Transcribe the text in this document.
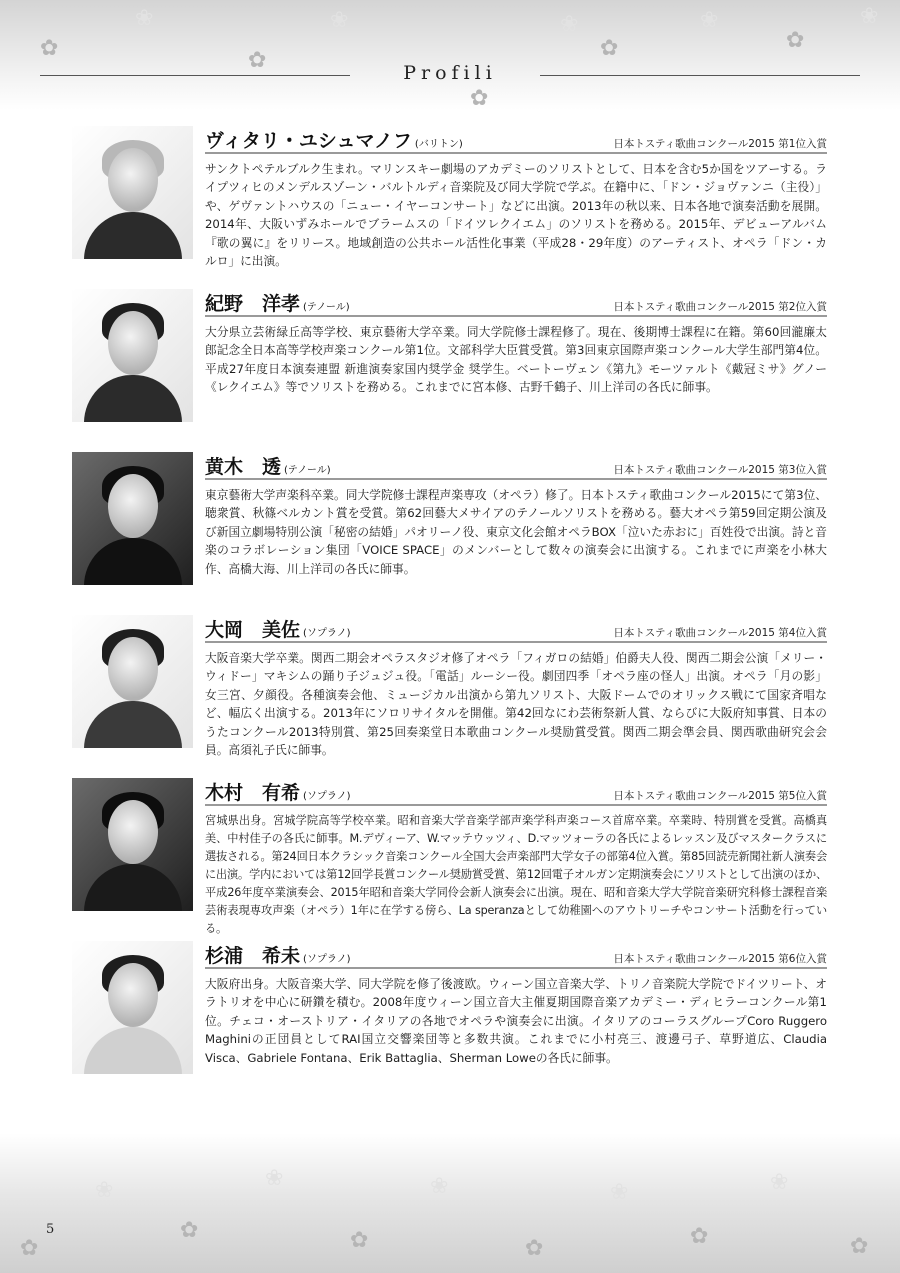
✿
❀
✿
❀
✿
❀
✿
❀
✿
❀
✿
❀
✿
❀
✿
❀
✿
❀
✿
❀
✿
Profili
ヴィタリ・ユシュマノフ (バリトン)	日本トスティ歌曲コンクール2015 第1位入賞
サンクトペテルブルク生まれ。マリンスキー劇場のアカデミーのソリストとして、日本を含む5か国をツアーする。ライプツィヒのメンデルスゾーン・バルトルディ音楽院及び同大学院で学ぶ。在籍中に、「ドン・ジョヴァンニ（主役）」や、ゲヴァントハウスの「ニュー・イヤーコンサート」などに出演。2013年の秋以来、日本各地で演奏活動を展開。2014年、大阪いずみホールでブラームスの「ドイツレクイエム」のソリストを務める。2015年、デビューアルバム『歌の翼に』をリリース。地域創造の公共ホール活性化事業（平成28・29年度）のアーティスト、オペラ「ドン・カルロ」に出演。
紀野　洋孝 (テノール)	日本トスティ歌曲コンクール2015 第2位入賞
大分県立芸術緑丘高等学校、東京藝術大学卒業。同大学院修士課程修了。現在、後期博士課程に在籍。第60回瀧廉太郎記念全日本高等学校声楽コンクール第1位。文部科学大臣賞受賞。第3回東京国際声楽コンクール大学生部門第4位。平成27年度日本演奏連盟 新進演奏家国内奨学金 奨学生。ベートーヴェン《第九》モーツァルト《戴冠ミサ》グノー《レクイエム》等でソリストを務める。これまでに宮本修、古野千鶴子、川上洋司の各氏に師事。
黄木　透 (テノール)	日本トスティ歌曲コンクール2015 第3位入賞
東京藝術大学声楽科卒業。同大学院修士課程声楽専攻（オペラ）修了。日本トスティ歌曲コンクール2015にて第3位、聴衆賞、秋篠ベルカント賞を受賞。第62回藝大メサイアのテノールソリストを務める。藝大オペラ第59回定期公演及び新国立劇場特別公演「秘密の結婚」パオリーノ役、東京文化会館オペラBOX「泣いた赤おに」百姓役で出演。詩と音楽のコラボレーション集団「VOICE SPACE」のメンバーとして数々の演奏会に出演する。これまでに声楽を小林大作、高橋大海、川上洋司の各氏に師事。
大岡　美佐 (ソプラノ)	日本トスティ歌曲コンクール2015 第4位入賞
大阪音楽大学卒業。関西二期会オペラスタジオ修了オペラ「フィガロの結婚」伯爵夫人役、関西二期会公演「メリー・ウィドー」マキシムの踊り子ジュジュ役。「電話」ルーシー役。劇団四季「オペラ座の怪人」出演。オペラ「月の影」女三宮、夕顔役。各種演奏会他、ミュージカル出演から第九ソリスト、大阪ドームでのオリックス戦にて国家斉唱など、幅広く出演する。2013年にソロリサイタルを開催。第42回なにわ芸術祭新人賞、ならびに大阪府知事賞、日本のうたコンクール2013特別賞、第25回奏楽堂日本歌曲コンクール奨励賞受賞。関西二期会準会員、関西歌曲研究会会員。高須礼子氏に師事。
木村　有希 (ソプラノ)	日本トスティ歌曲コンクール2015 第5位入賞
宮城県出身。宮城学院高等学校卒業。昭和音楽大学音楽学部声楽学科声楽コース首席卒業。卒業時、特別賞を受賞。高橋真美、中村佳子の各氏に師事。M.デヴィーア、W.マッテウッツィ、D.マッツォーラの各氏によるレッスン及びマスタークラスに選抜される。第24回日本クラシック音楽コンクール全国大会声楽部門大学女子の部第4位入賞。第85回読売新聞社新人演奏会に出演。学内においては第12回学長賞コンクール奨励賞受賞、第12回電子オルガン定期演奏会にソリストとして出演のほか、平成26年度卒業演奏会、2015年昭和音楽大学同伶会新人演奏会に出演。現在、昭和音楽大学大学院音楽研究科修士課程音楽芸術表現専攻声楽（オペラ）1年に在学する傍ら、La speranzaとして幼稚園へのアウトリーチやコンサート活動を行っている。
杉浦　希未 (ソプラノ)	日本トスティ歌曲コンクール2015 第6位入賞
大阪府出身。大阪音楽大学、同大学院を修了後渡欧。ウィーン国立音楽大学、トリノ音楽院大学院でドイツリート、オラトリオを中心に研鑽を積む。2008年度ウィーン国立音大主催夏期国際音楽アカデミー・ディヒラーコンクール第1位。チェコ・オーストリア・イタリアの各地でオペラや演奏会に出演。イタリアのコーラスグループCoro Ruggero Maghiniの正団員としてRAI国立交響楽団等と多数共演。これまでに小村亮三、渡邊弓子、草野道広、Claudia Visca、Gabriele Fontana、Erik Battaglia、Sherman Loweの各氏に師事。
5
